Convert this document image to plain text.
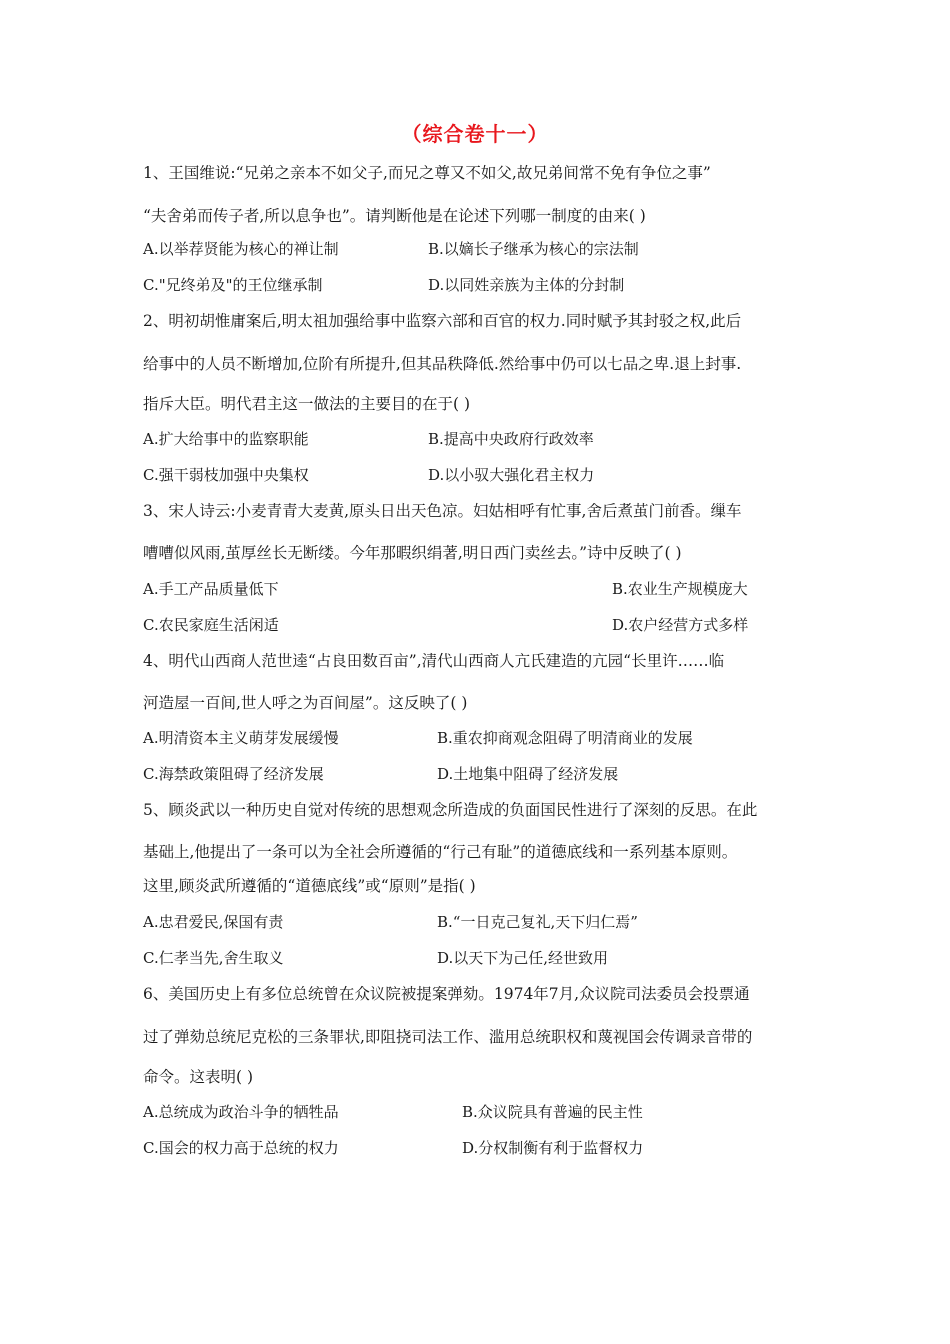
（综合卷十一）
1、王国维说:“兄弟之亲本不如父子,而兄之尊又不如父,故兄弟间常不免有争位之事”
“夫舍弟而传子者,所以息争也”。请判断他是在论述下列哪一制度的由来( )
A.以举荐贤能为核心的禅让制	B.以嫡长子继承为核心的宗法制
C."兄终弟及"的王位继承制	D.以同姓亲族为主体的分封制
2、明初胡惟庸案后,明太祖加强给事中监察六部和百官的权力.同时赋予其封驳之权,此后
给事中的人员不断增加,位阶有所提升,但其品秩降低.然给事中仍可以七品之卑.退上封事.
指斥大臣。明代君主这一做法的主要目的在于( )
A.扩大给事中的监察职能	B.提高中央政府行政效率
C.强干弱枝加强中央集权	D.以小驭大强化君主权力
3、宋人诗云:小麦青青大麦黄,原头日出天色凉。妇姑相呼有忙事,舍后煮茧门前香。缫车
嘈嘈似风雨,茧厚丝长无断缕。今年那暇织绢著,明日西门卖丝去。”诗中反映了( )
A.手工产品质量低下	B.农业生产规模庞大
C.农民家庭生活闲适	D.农户经营方式多样
4、明代山西商人范世逵“占良田数百亩”,清代山西商人亢氏建造的亢园“长里许……临
河造屋一百间,世人呼之为百间屋”。这反映了( )
A.明清资本主义萌芽发展缓慢	B.重农抑商观念阻碍了明清商业的发展
C.海禁政策阻碍了经济发展	D.土地集中阻碍了经济发展
5、顾炎武以一种历史自觉对传统的思想观念所造成的负面国民性进行了深刻的反思。在此
基础上,他提出了一条可以为全社会所遵循的“行己有耻”的道德底线和一系列基本原则。
这里,顾炎武所遵循的“道德底线”或“原则”是指( )
A.忠君爱民,保国有责	B.“一日克己复礼,天下归仁焉”
C.仁孝当先,舍生取义	D.以天下为己任,经世致用
6、美国历史上有多位总统曾在众议院被提案弹劾。1974年7月,众议院司法委员会投票通
过了弹劾总统尼克松的三条罪状,即阻挠司法工作、滥用总统职权和蔑视国会传调录音带的
命令。这表明( )
A.总统成为政治斗争的牺牲品	B.众议院具有普遍的民主性
C.国会的权力高于总统的权力	D.分权制衡有利于监督权力
